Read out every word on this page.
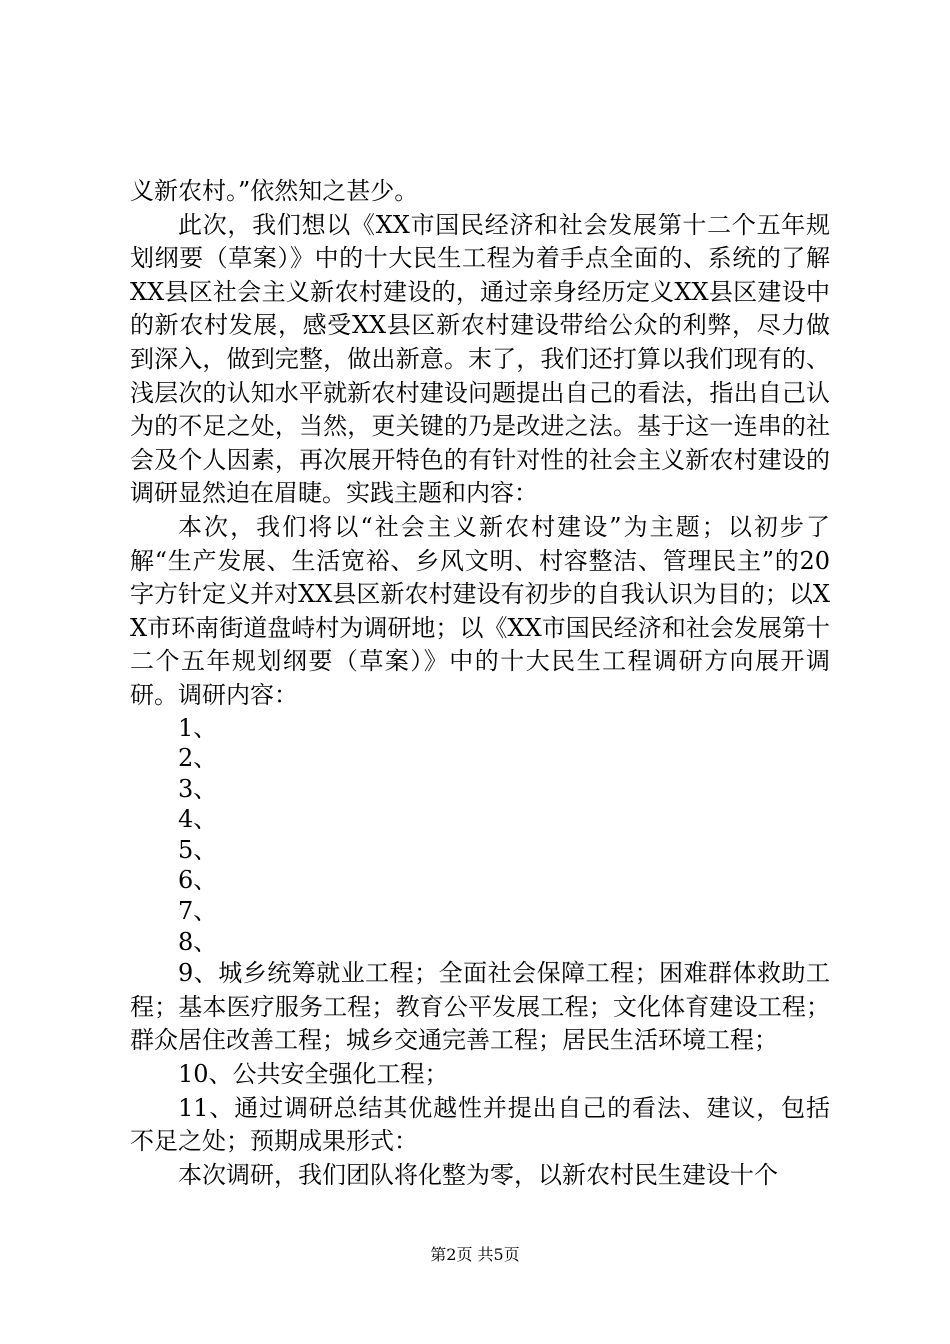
义新农村。”依然知之甚少。

此次，我们想以《XX市国民经济和社会发展第十二个五年规划纲要（草案）》中的十大民生工程为着手点全面的、系统的了解XX县区社会主义新农村建设的，通过亲身经历定义XX县区建设中的新农村发展，感受XX县区新农村建设带给公众的利弊，尽力做到深入，做到完整，做出新意。末了，我们还打算以我们现有的、浅层次的认知水平就新农村建设问题提出自己的看法，指出自己认为的不足之处，当然，更关键的乃是改进之法。基于这一连串的社会及个人因素，再次展开特色的有针对性的社会主义新农村建设的调研显然迫在眉睫。实践主题和内容：

本次，我们将以“社会主义新农村建设”为主题；以初步了解“生产发展、生活宽裕、乡风文明、村容整洁、管理民主”的20字方针定义并对XX县区新农村建设有初步的自我认识为目的；以XX市环南街道盘峙村为调研地；以《XX市国民经济和社会发展第十二个五年规划纲要（草案）》中的十大民生工程调研方向展开调研。调研内容：

1、

2、

3、

4、

5、

6、

7、

8、

9、城乡统筹就业工程；全面社会保障工程；困难群体救助工程；基本医疗服务工程；教育公平发展工程；文化体育建设工程；群众居住改善工程；城乡交通完善工程；居民生活环境工程；

10、公共安全强化工程；

11、通过调研总结其优越性并提出自己的看法、建议，包括不足之处；预期成果形式：

本次调研，我们团队将化整为零，以新农村民生建设十个

第2页 共5页
